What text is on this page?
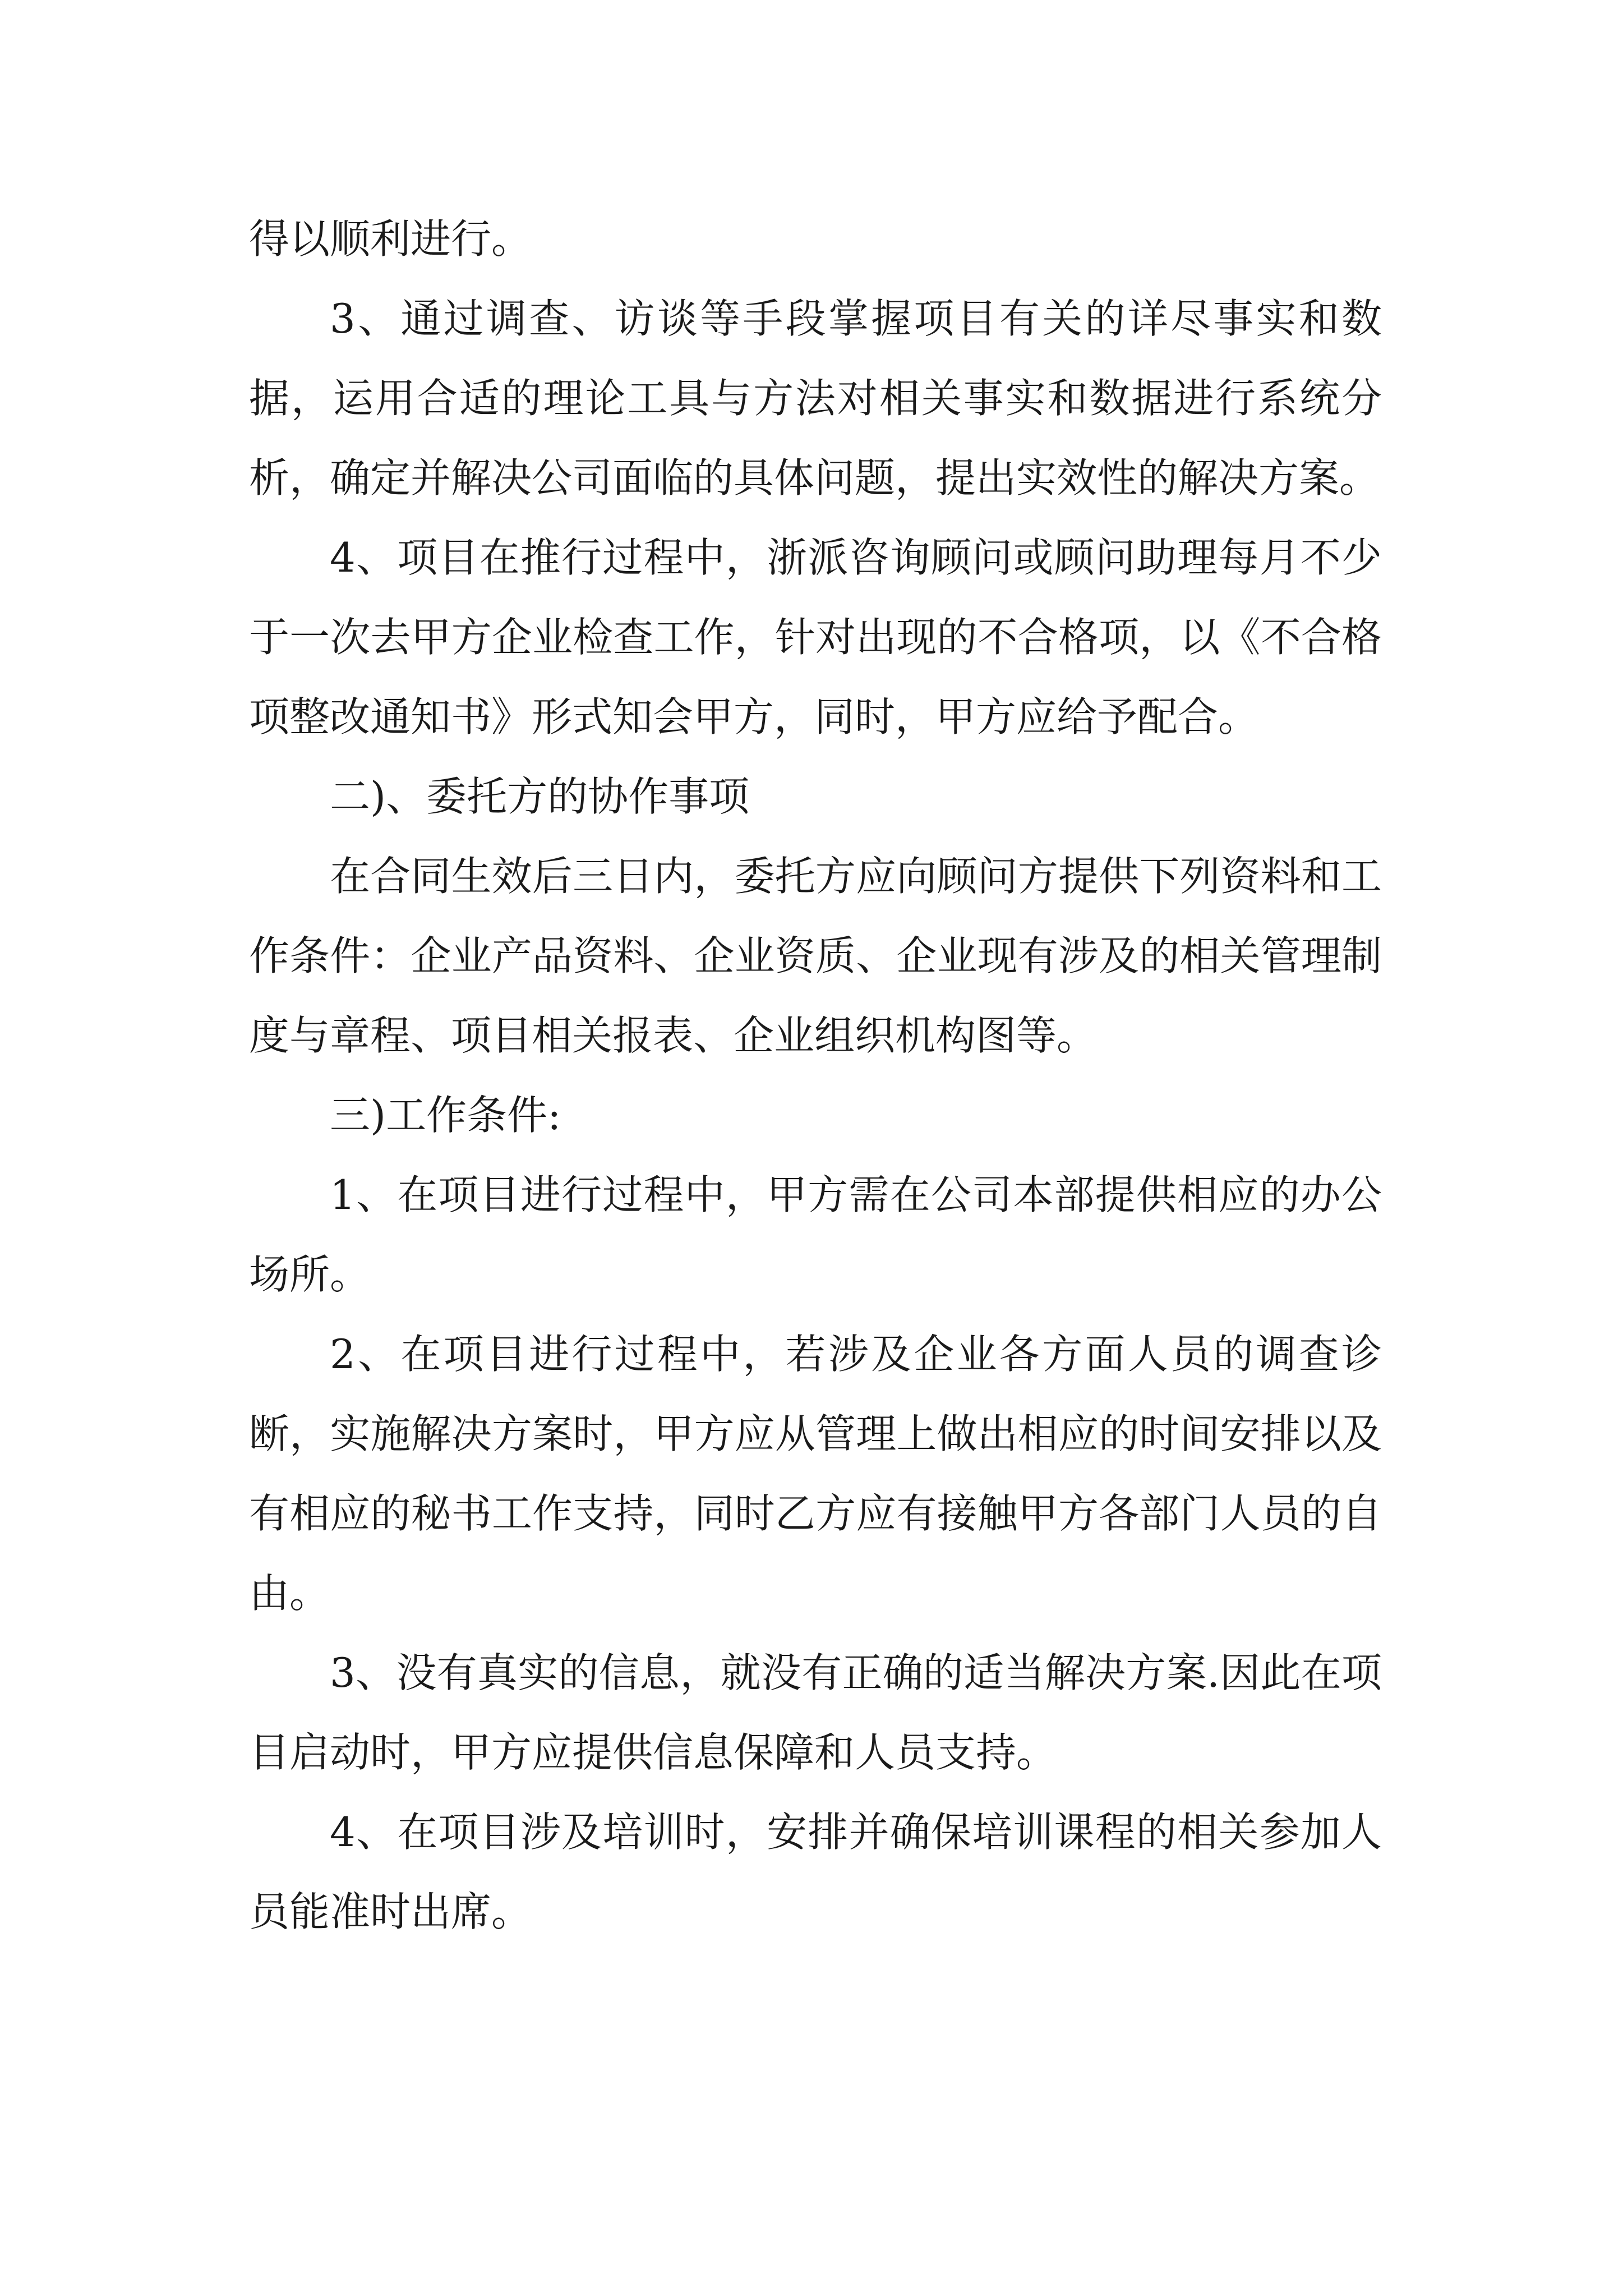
得以顺利进行。

3、通过调查、访谈等手段掌握项目有关的详尽事实和数据，运用合适的理论工具与方法对相关事实和数据进行系统分析，确定并解决公司面临的具体问题，提出实效性的解决方案。

4、项目在推行过程中，浙派咨询顾问或顾问助理每月不少于一次去甲方企业检查工作，针对出现的不合格项，以《不合格项整改通知书》形式知会甲方，同时，甲方应给予配合。

二)、委托方的协作事项

在合同生效后三日内，委托方应向顾问方提供下列资料和工作条件：企业产品资料、企业资质、企业现有涉及的相关管理制度与章程、项目相关报表、企业组织机构图等。

三)工作条件:

1、在项目进行过程中，甲方需在公司本部提供相应的办公场所。

2、在项目进行过程中，若涉及企业各方面人员的调查诊断，实施解决方案时，甲方应从管理上做出相应的时间安排以及有相应的秘书工作支持，同时乙方应有接触甲方各部门人员的自由。

3、没有真实的信息，就没有正确的适当解决方案.因此在项目启动时，甲方应提供信息保障和人员支持。

4、在项目涉及培训时，安排并确保培训课程的相关参加人员能准时出席。
